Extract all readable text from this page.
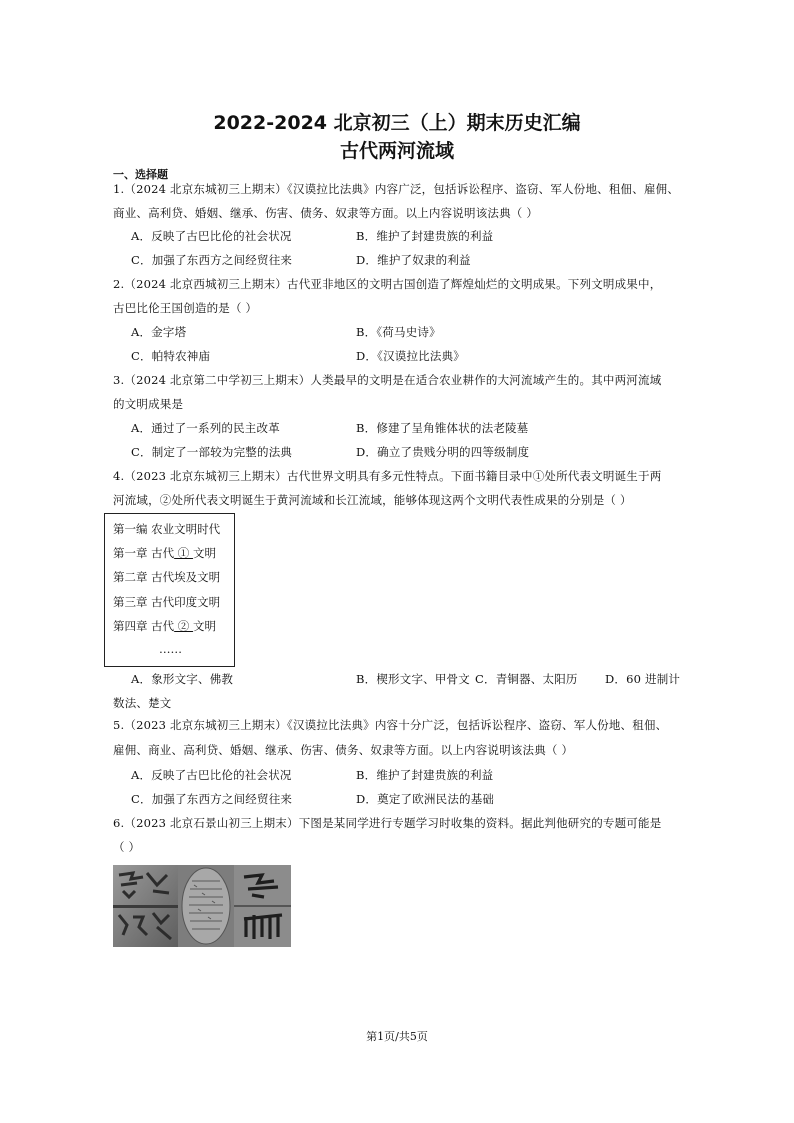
2022-2024 北京初三（上）期末历史汇编
古代两河流域
一、选择题
1.（2024 北京东城初三上期末）《汉谟拉比法典》内容广泛，包括诉讼程序、盗窃、军人份地、租佃、雇佣、
商业、高利贷、婚姻、继承、伤害、债务、奴隶等方面。以上内容说明该法典（ ）
A．反映了古巴比伦的社会状况	B．维护了封建贵族的利益
C．加强了东西方之间经贸往来	D．维护了奴隶的利益
2.（2024 北京西城初三上期末）古代亚非地区的文明古国创造了辉煌灿烂的文明成果。下列文明成果中，
古巴比伦王国创造的是（ ）
A．金字塔	B．《荷马史诗》
C．帕特农神庙	D．《汉谟拉比法典》
3.（2024 北京第二中学初三上期末）人类最早的文明是在适合农业耕作的大河流域产生的。其中两河流域
的文明成果是
A．通过了一系列的民主改革	B．修建了呈角锥体状的法老陵墓
C．制定了一部较为完整的法典	D．确立了贵贱分明的四等级制度
4.（2023 北京东城初三上期末）古代世界文明具有多元性特点。下面书籍目录中①处所代表文明诞生于两
河流域，②处所代表文明诞生于黄河流域和长江流域，能够体现这两个文明代表性成果的分别是（ ）
第一编 农业文明时代
第一章 古代 ① 文明
第二章 古代埃及文明
第三章 古代印度文明
第四章 古代 ② 文明
……
A．象形文字、佛教	B．楔形文字、甲骨文 C．青铜器、太阳历 D．60 进制计
数法、楚文
5.（2023 北京东城初三上期末）《汉谟拉比法典》内容十分广泛，包括诉讼程序、盗窃、军人份地、租佃、
雇佣、商业、高利贷、婚姻、继承、伤害、债务、奴隶等方面。以上内容说明该法典（ ）
A．反映了古巴比伦的社会状况	B．维护了封建贵族的利益
C．加强了东西方之间经贸往来	D．奠定了欧洲民法的基础
6.（2023 北京石景山初三上期末）下图是某同学进行专题学习时收集的资料。据此判他研究的专题可能是
（ ）
第1页/共5页
